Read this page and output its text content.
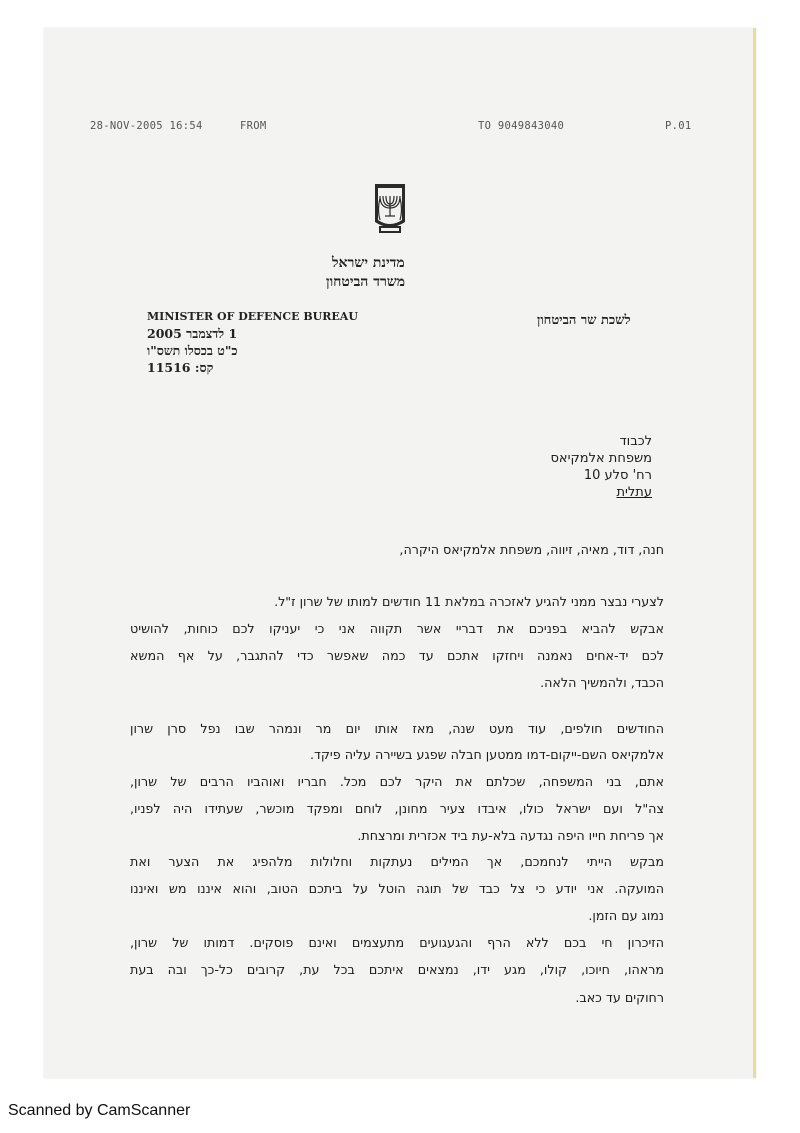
28-NOV-2005 16:54	FROM	TO 9049843040	P.01
מדינת ישראל
משרד הביטחון
MINISTER OF DEFENCE BUREAU	לשכת שר הביטחון
1 לדצמבר 2005
כ"ט בכסלו תשס"ו
קס: 11516
לכבוד
משפחת אלמקיאס
רח' סלע 10
עתלית
חנה, דוד, מאיה, זיווה, משפחת אלמקיאס היקרה,
לצערי נבצר ממני להגיע לאזכרה במלאת 11 חודשים למותו של שרון ז"ל.
אבקש להביא בפניכם את דבריי אשר תקווה אני כי יעניקו לכם כוחות, להושיט
לכם יד-אחים נאמנה ויחזקו אתכם עד כמה שאפשר כדי להתגבר, על אף המשא
הכבד, ולהמשיך הלאה.
החודשים חולפים, עוד מעט שנה, מאז אותו יום מר ונמהר שבו נפל סרן שרון
אלמקיאס השם-ייקום-דמו ממטען חבלה שפגע בשיירה עליה פיקד.
אתם, בני המשפחה, שכלתם את היקר לכם מכל. חבריו ואוהביו הרבים של שרון,
צה"ל ועם ישראל כולו, איבדו צעיר מחונן, לוחם ומפקד מוכשר, שעתידו היה לפניו,
אך פריחת חייו היפה נגדעה בלא-עת ביד אכזרית ומרצחת.
מבקש הייתי לנחמכם, אך המילים נעתקות וחלולות מלהפיג את הצער ואת
המועקה. אני יודע כי צל כבד של תוגה הוטל על ביתכם הטוב, והוא איננו מש ואיננו
נמוג עם הזמן.
הזיכרון חי בכם ללא הרף והגעגועים מתעצמים ואינם פוסקים. דמותו של שרון,
מראהו, חיוכו, קולו, מגע ידו, נמצאים איתכם בכל עת, קרובים כל-כך ובה בעת
רחוקים עד כאב.
Scanned by CamScanner
